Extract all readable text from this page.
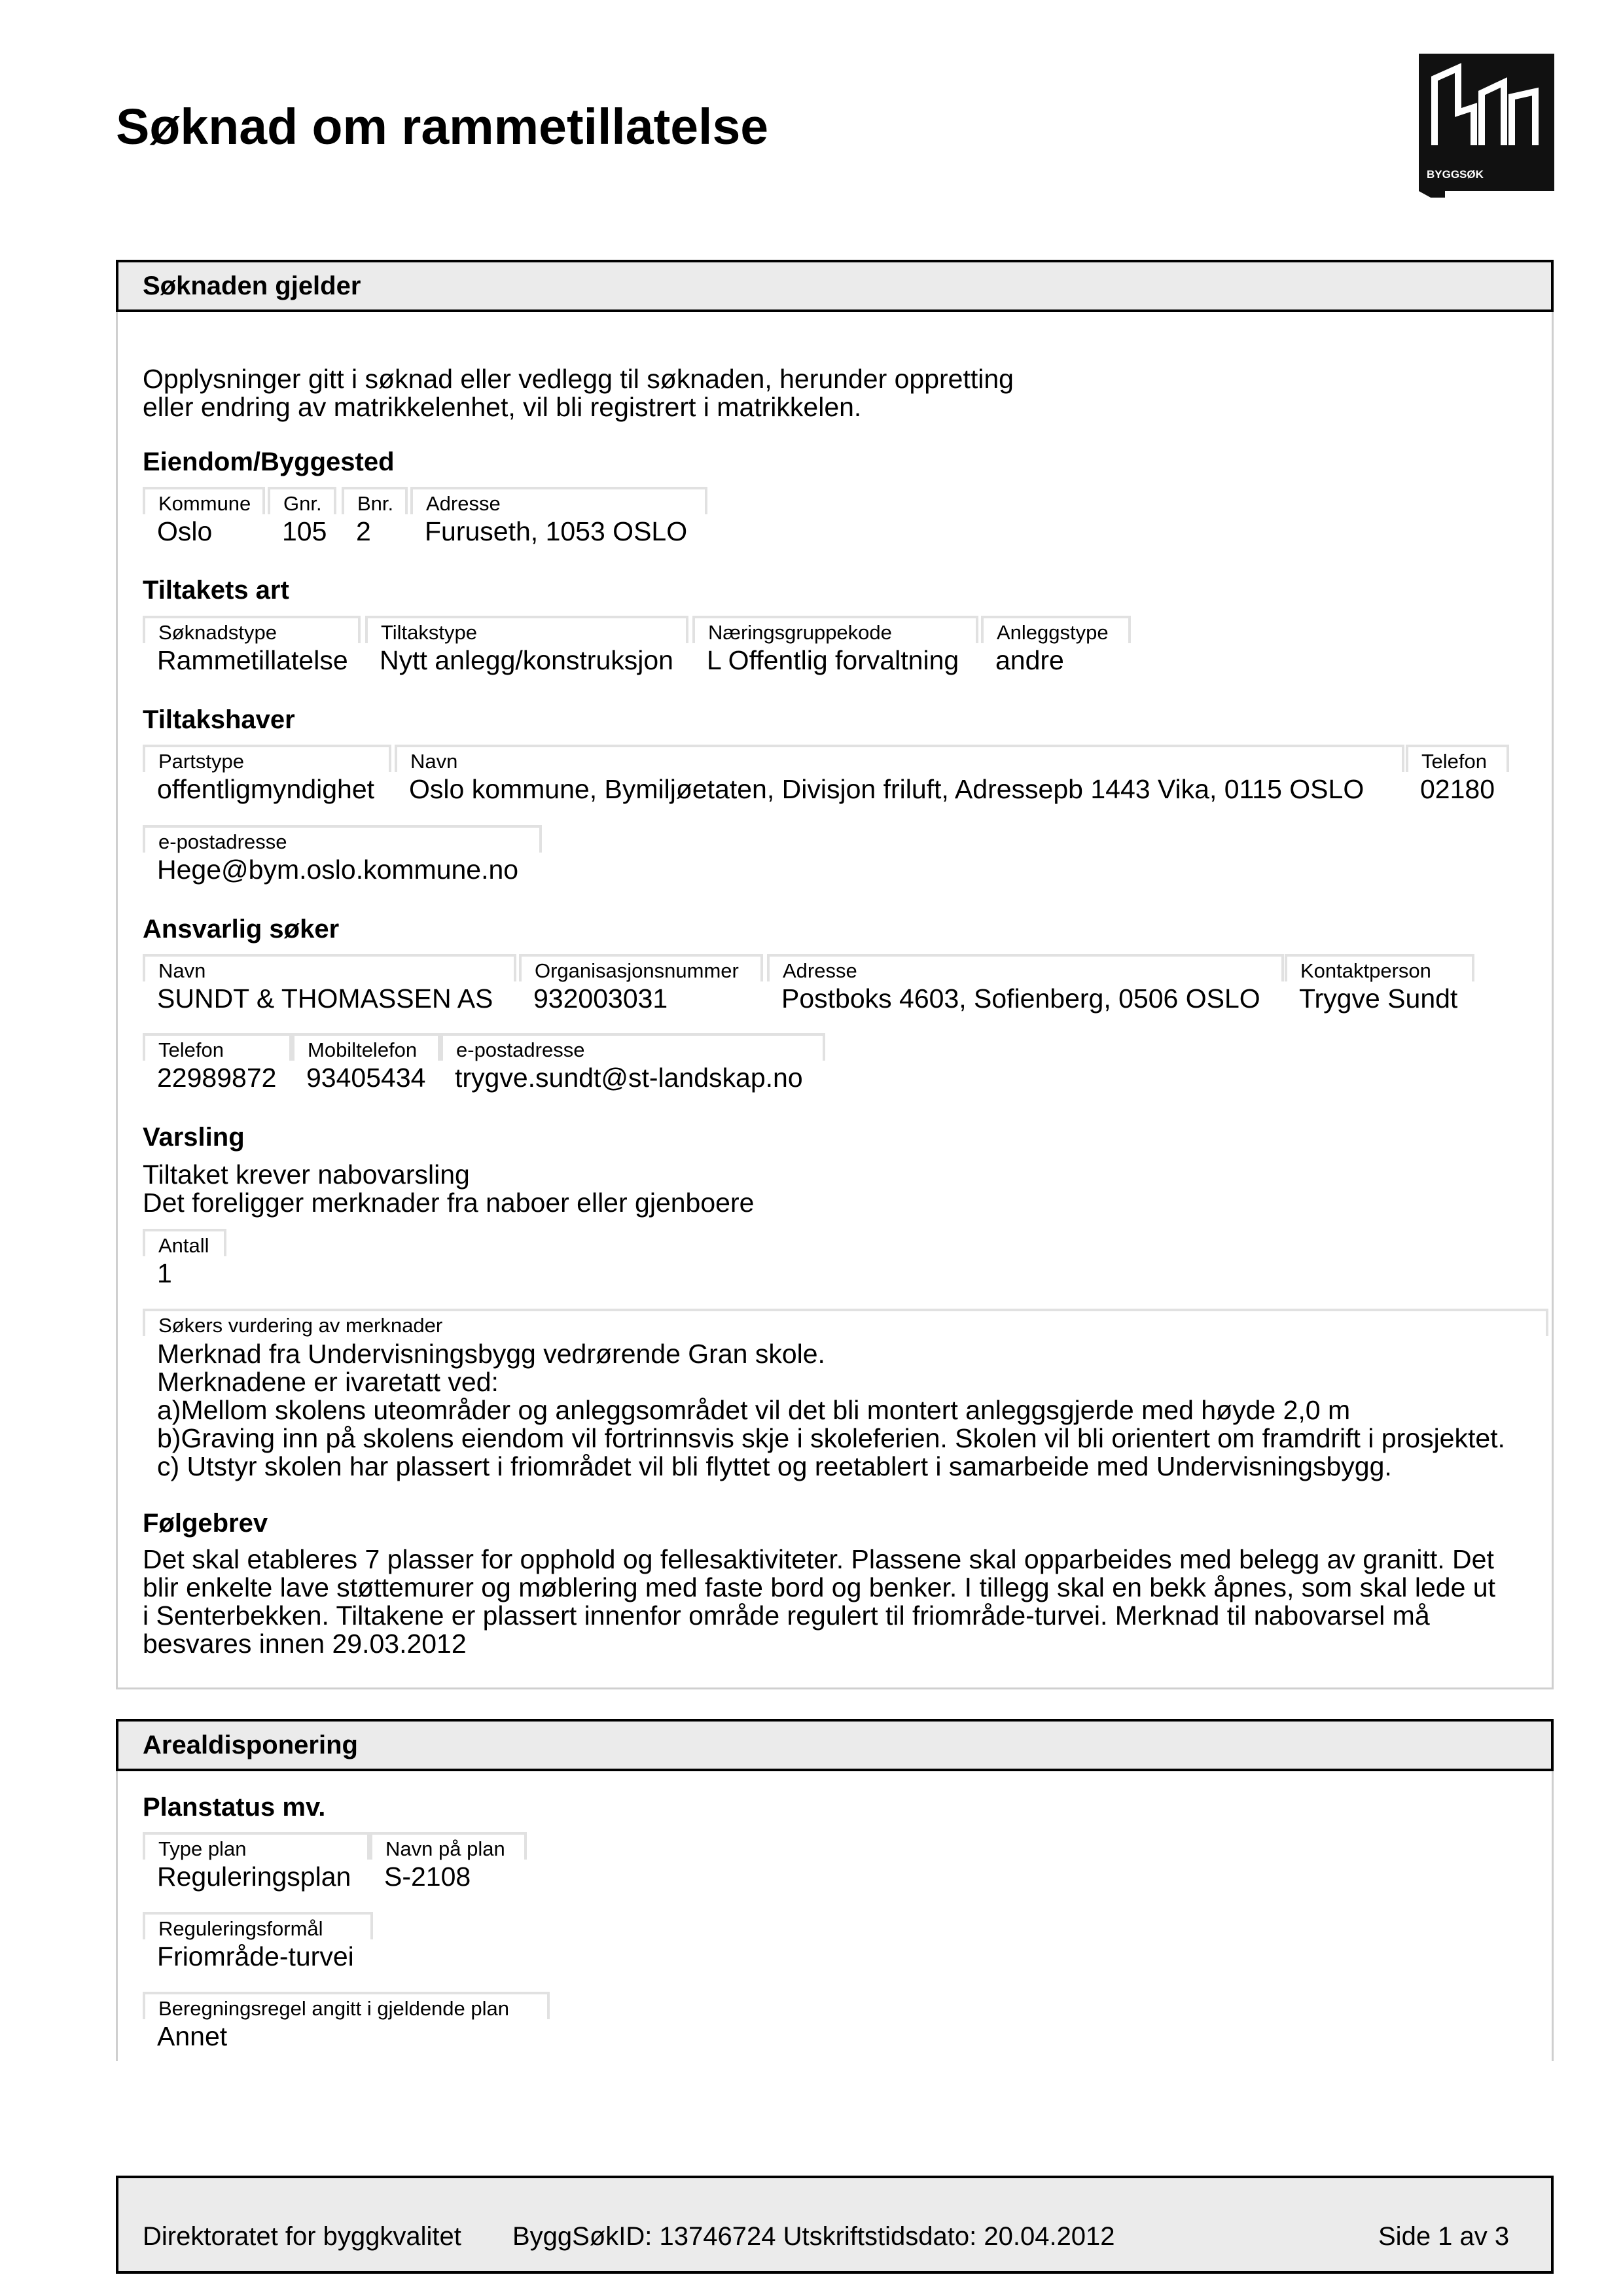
Søknad om rammetillatelse
BYGGSØK
Søknaden gjelder
Opplysninger gitt i søknad eller vedlegg til søknaden, herunder oppretting
eller endring av matrikkelenhet, vil bli registrert i matrikkelen.
Eiendom/Byggested
Kommune
Oslo
Gnr.
105
Bnr.
2
Adresse
Furuseth, 1053 OSLO
Tiltakets art
Søknadstype
Rammetillatelse
Tiltakstype
Nytt anlegg/konstruksjon
Næringsgruppekode
L Offentlig forvaltning
Anleggstype
andre
Tiltakshaver
Partstype
offentligmyndighet
Navn
Oslo kommune, Bymiljøetaten, Divisjon friluft, Adressepb 1443 Vika, 0115 OSLO
Telefon
02180
e-postadresse
Hege@bym.oslo.kommune.no
Ansvarlig søker
Navn
SUNDT & THOMASSEN AS
Organisasjonsnummer
932003031
Adresse
Postboks 4603, Sofienberg, 0506 OSLO
Kontaktperson
Trygve Sundt
Telefon
22989872
Mobiltelefon
93405434
e-postadresse
trygve.sundt@st-landskap.no
Varsling
Tiltaket krever nabovarsling
Det foreligger merknader fra naboer eller gjenboere
Antall
1
Søkers vurdering av merknader
Merknad fra Undervisningsbygg vedrørende Gran skole.
Merknadene er ivaretatt ved:
a)Mellom skolens uteområder og anleggsområdet vil det bli montert anleggsgjerde med høyde 2,0 m
b)Graving inn på skolens eiendom vil fortrinnsvis skje i skoleferien. Skolen vil bli orientert om framdrift i prosjektet.
c) Utstyr skolen har plassert i friområdet vil bli flyttet og reetablert i samarbeide med Undervisningsbygg.
Følgebrev
Det skal etableres 7 plasser for opphold og fellesaktiviteter. Plassene skal opparbeides med belegg av granitt. Det
blir enkelte lave støttemurer og møblering med faste bord og benker. I tillegg skal en bekk åpnes, som skal lede ut
i Senterbekken. Tiltakene er plassert innenfor område regulert til friområde-turvei. Merknad til nabovarsel må
besvares innen 29.03.2012
Arealdisponering
Planstatus mv.
Type plan
Reguleringsplan
Navn på plan
S-2108
Reguleringsformål
Friområde-turvei
Beregningsregel angitt i gjeldende plan
Annet
Direktoratet for byggkvalitet ByggSøkID: 13746724 Utskriftstidsdato: 20.04.2012	Side 1 av 3
